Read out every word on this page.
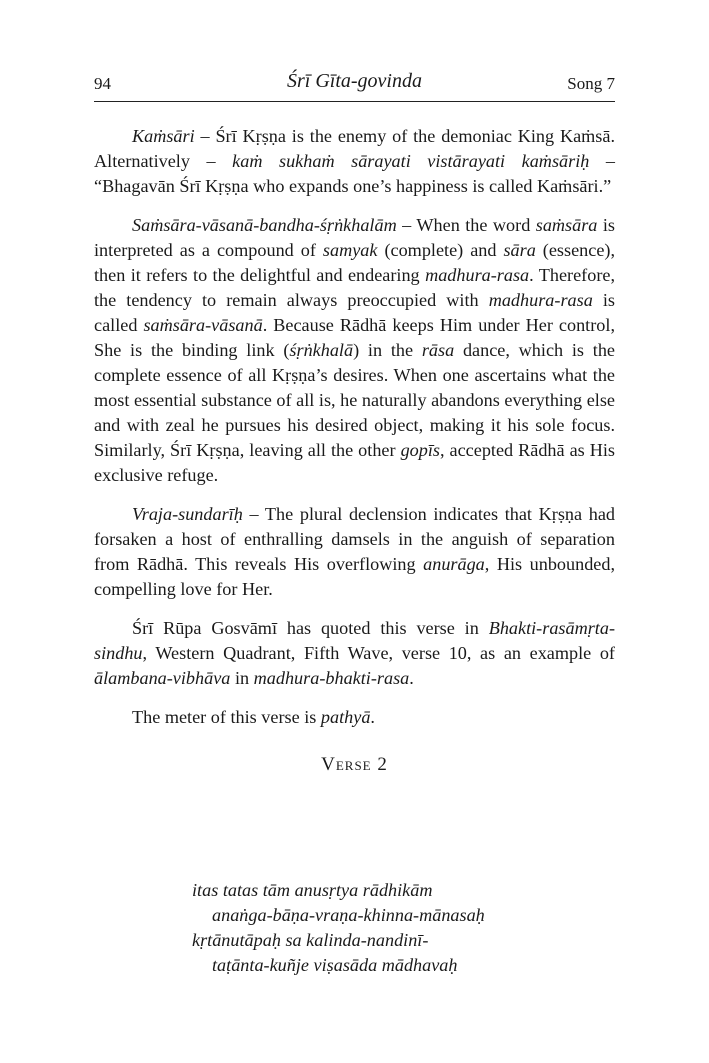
94	Śrī Gīta-govinda	Song 7

Kaṁsāri – Śrī Kṛṣṇa is the enemy of the demoniac King Kaṁsā. Alternatively – kaṁ sukhaṁ sārayati vistārayati kaṁsāriḥ – “Bhagavān Śrī Kṛṣṇa who expands one’s happiness is called Kaṁsāri.”

Saṁsāra-vāsanā-bandha-śṛṅkhalām – When the word saṁsāra is interpreted as a compound of samyak (complete) and sāra (essence), then it refers to the delightful and endearing madhura-rasa. Therefore, the tendency to remain always preoccupied with madhura-rasa is called saṁsāra-vāsanā. Because Rādhā keeps Him under Her control, She is the binding link (śṛṅkhalā) in the rāsa dance, which is the complete essence of all Kṛṣṇa’s desires. When one ascertains what the most essential substance of all is, he naturally abandons everything else and with zeal he pursues his desired object, making it his sole focus. Similarly, Śrī Kṛṣṇa, leaving all the other gopīs, accepted Rādhā as His exclusive refuge.

Vraja-sundarīḥ – The plural declension indicates that Kṛṣṇa had forsaken a host of enthralling damsels in the anguish of separation from Rādhā. This reveals His overflowing anurāga, His unbounded, compelling love for Her.

Śrī Rūpa Gosvāmī has quoted this verse in Bhakti-rasāmṛta-sindhu, Western Quadrant, Fifth Wave, verse 10, as an example of ālambana-vibhāva in madhura-bhakti-rasa.

The meter of this verse is pathyā.

Verse 2
itas tatas tām anusṛtya rādhikām
anaṅga-bāṇa-vraṇa-khinna-mānasaḥ
kṛtānutāpaḥ sa kalinda-nandinī-
taṭānta-kuñje viṣasāda mādhavaḥ
